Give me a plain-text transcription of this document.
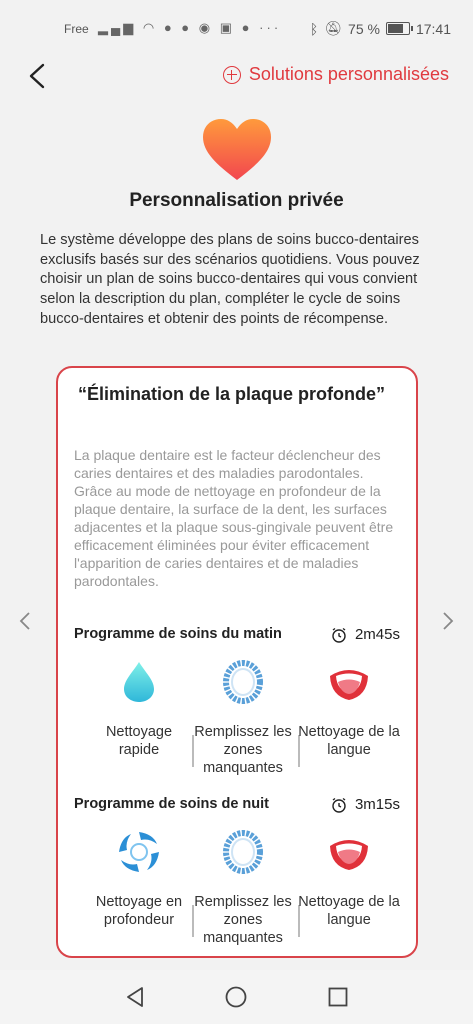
Free ▂▄▆ ◠ ● ● ◉ ▣ ● ··· ᛒ 🔕︎ 75 %	17:41
Solutions personnalisées
Personnalisation privée
Le système développe des plans de soins bucco-dentaires exclusifs basés sur des scénarios quotidiens. Vous pouvez choisir un plan de soins bucco-dentaires qui vous convient selon la description du plan, compléter le cycle de soins bucco-dentaires et obtenir des points de récompense.
“Élimination de la plaque profonde”
La plaque dentaire est le facteur déclencheur des caries dentaires et des maladies parodontales. Grâce au mode de nettoyage en profondeur de la plaque dentaire, la surface de la dent, les surfaces adjacentes et la plaque sous-gingivale peuvent être efficacement éliminées pour éviter efficacement l'apparition de caries dentaires et de maladies parodontales.
Programme de soins du matin	2m45s
Nettoyage rapide
Remplissez les zones manquantes
Nettoyage de la langue
Programme de soins de nuit	3m15s
Nettoyage en profondeur
Remplissez les zones manquantes
Nettoyage de la langue
